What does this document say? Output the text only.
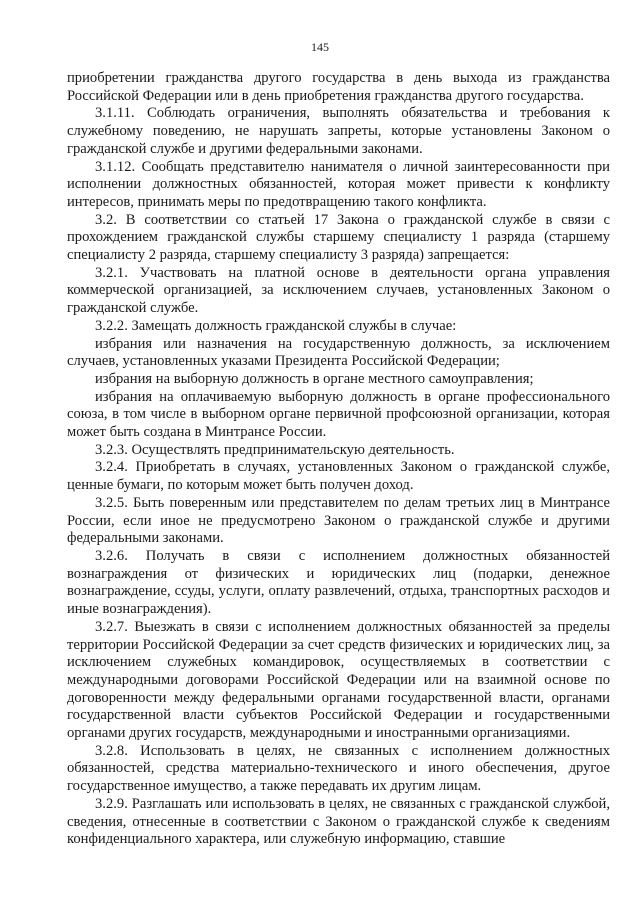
145

приобретении гражданства другого государства в день выхода из гражданства Российской Федерации или в день приобретения гражданства другого государства.

3.1.11. Соблюдать ограничения, выполнять обязательства и требования к служебному поведению, не нарушать запреты, которые установлены Законом о гражданской службе и другими федеральными законами.

3.1.12. Сообщать представителю нанимателя о личной заинтересованности при исполнении должностных обязанностей, которая может привести к конфликту интересов, принимать меры по предотвращению такого конфликта.

3.2. В соответствии со статьей 17 Закона о гражданской службе в связи с прохождением гражданской службы старшему специалисту 1 разряда (старшему специалисту 2 разряда, старшему специалисту 3 разряда) запрещается:

3.2.1. Участвовать на платной основе в деятельности органа управления коммерческой организацией, за исключением случаев, установленных Законом о гражданской службе.

3.2.2. Замещать должность гражданской службы в случае:

избрания или назначения на государственную должность, за исключением случаев, установленных указами Президента Российской Федерации;

избрания на выборную должность в органе местного самоуправления;

избрания на оплачиваемую выборную должность в органе профессионального союза, в том числе в выборном органе первичной профсоюзной организации, которая может быть создана в Минтрансе России.

3.2.3. Осуществлять предпринимательскую деятельность.

3.2.4. Приобретать в случаях, установленных Законом о гражданской службе, ценные бумаги, по которым может быть получен доход.

3.2.5. Быть поверенным или представителем по делам третьих лиц в Минтрансе России, если иное не предусмотрено Законом о гражданской службе и другими федеральными законами.

3.2.6. Получать в связи с исполнением должностных обязанностей вознаграждения от физических и юридических лиц (подарки, денежное вознаграждение, ссуды, услуги, оплату развлечений, отдыха, транспортных расходов и иные вознаграждения).

3.2.7. Выезжать в связи с исполнением должностных обязанностей за пределы территории Российской Федерации за счет средств физических и юридических лиц, за исключением служебных командировок, осуществляемых в соответствии с международными договорами Российской Федерации или на взаимной основе по договоренности между федеральными органами государственной власти, органами государственной власти субъектов Российской Федерации и государственными органами других государств, международными и иностранными организациями.

3.2.8. Использовать в целях, не связанных с исполнением должностных обязанностей, средства материально-технического и иного обеспечения, другое государственное имущество, а также передавать их другим лицам.

3.2.9. Разглашать или использовать в целях, не связанных с гражданской службой, сведения, отнесенные в соответствии с Законом о гражданской службе к сведениям конфиденциального характера, или служебную информацию, ставшие
